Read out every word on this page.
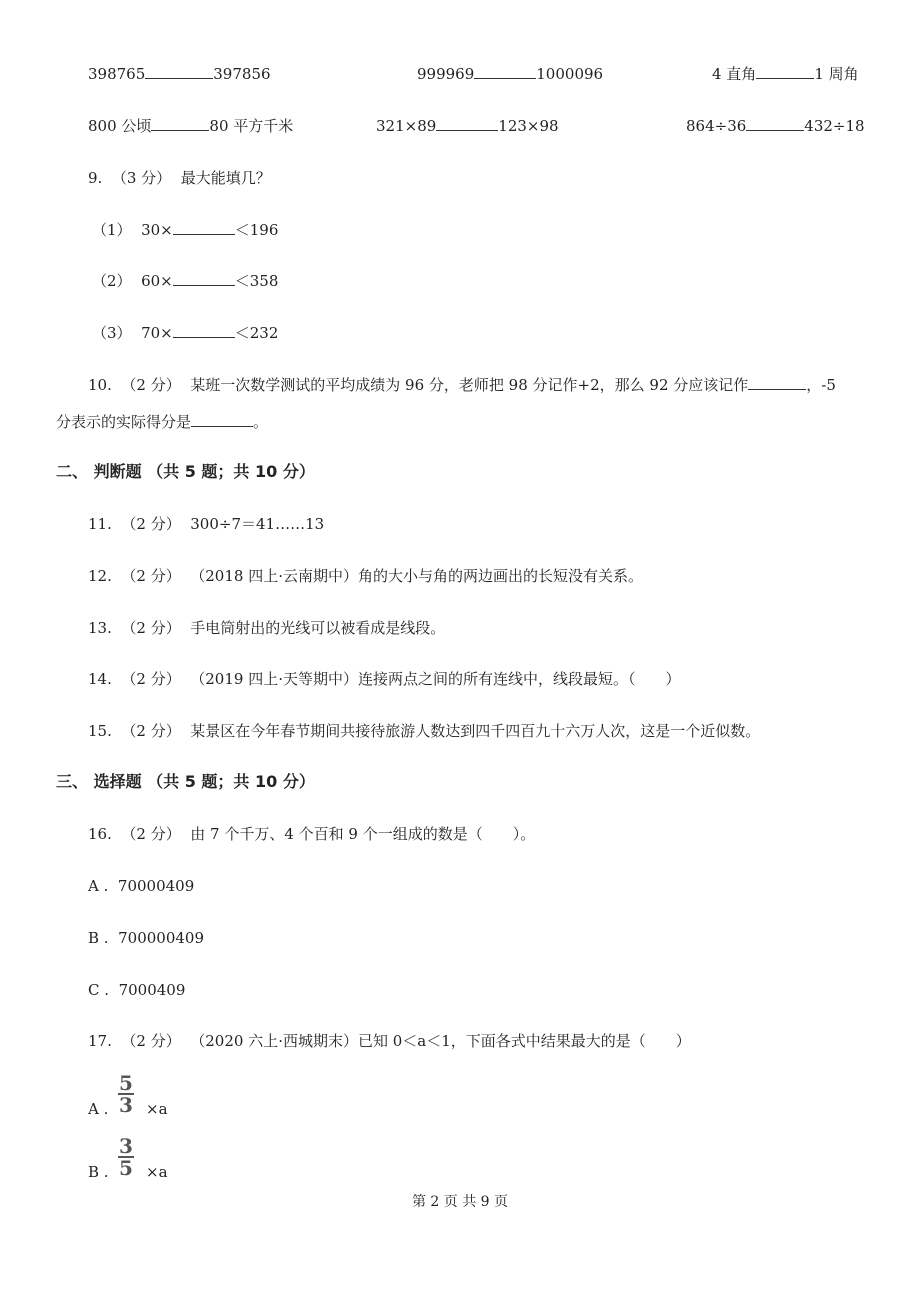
398765	397856	999969	1000096	4 直角	1 周角
800 公顷	80 平方千米	321×89	123×98	864÷36	432÷18
9. （3 分） 最大能填几？
（1） 30×	＜196
（2） 60×	＜358
（3） 70×	＜232
10. （2 分） 某班一次数学测试的平均成绩为 96 分，老师把 98 分记作+2，那么 92 分应该记作	，-5
分表示的实际得分是	。
二、 判断题 （共 5 题；共 10 分）
11. （2 分） 300÷7＝41……13
12. （2 分） （2018 四上·云南期中）角的大小与角的两边画出的长短没有关系。
13. （2 分） 手电筒射出的光线可以被看成是线段。
14. （2 分） （2019 四上·天等期中）连接两点之间的所有连线中，线段最短。（　　）
15. （2 分） 某景区在今年春节期间共接待旅游人数达到四千四百九十六万人次，这是一个近似数。
三、 选择题 （共 5 题；共 10 分）
16. （2 分） 由 7 个千万、4 个百和 9 个一组成的数是（　　）。
A . 70000409
B . 700000409
C . 7000409
17. （2 分） （2020 六上·西城期末）已知 0＜a＜1，下面各式中结果最大的是（　　）
A .
5
3 ×a
B .
3
5 ×a
第 2 页 共 9 页
